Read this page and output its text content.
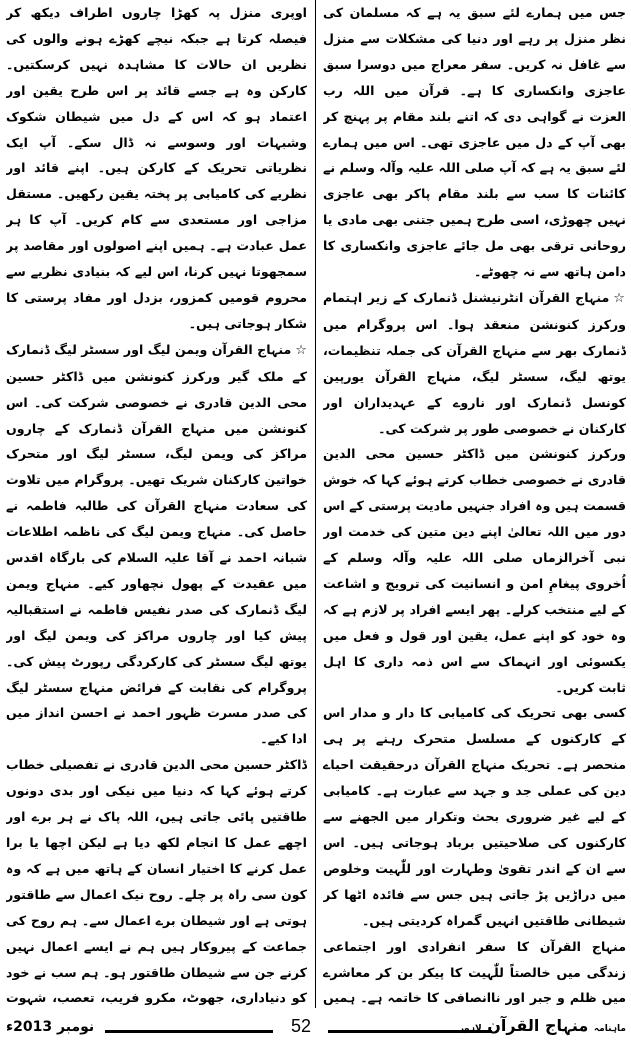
جس میں ہمارے لئے سبق یہ ہے کہ مسلمان کی نظر منزل پر رہے اور دنیا کی مشکلات سے منزل سے غافل نہ کریں۔ سفر معراج میں دوسرا سبق عاجزی وانکساری کا ہے۔ قرآن میں اللہ رب العزت نے گواہی دی کہ اتنے بلند مقام پر پہنچ کر بھی آپ کے دل میں عاجزی تھی۔ اس میں ہمارے لئے سبق یہ ہے کہ آپ صلی اللہ علیہ وآلہ وسلم نے کائنات کا سب سے بلند مقام پاکر بھی عاجزی نہیں چھوڑی، اسی طرح ہمیں جتنی بھی مادی یا روحانی ترقی بھی مل جائے عاجزی وانکساری کا دامن ہاتھ سے نہ چھوٹے۔

☆منہاج القرآن انٹرنیشنل ڈنمارک کے زیر اہتمام ورکرز کنونشن منعقد ہوا۔ اس پروگرام میں ڈنمارک بھر سے منہاج القرآن کی جملہ تنظیمات، یوتھ لیگ، سسٹر لیگ، منہاج القرآن یورپین کونسل ڈنمارک اور ناروے کے عہدیداران اور کارکنان نے خصوصی طور پر شرکت کی۔

ورکرز کنونشن میں ڈاکٹر حسین محی الدین قادری نے خصوصی خطاب کرتے ہوئے کہا کہ خوش قسمت ہیں وہ افراد جنہیں مادیت پرستی کے اس دور میں اللہ تعالیٰ اپنے دین متین کی خدمت اور نبی آخرالزماں صلی اللہ علیہ وآلہ وسلم کے اُخروی پیغامِ امن و انسانیت کی ترویج و اشاعت کے لیے منتخب کرلے۔ پھر ایسے افراد پر لازم ہے کہ وہ خود کو اپنے عمل، یقین اور قول و فعل میں یکسوئی اور انہماک سے اس ذمہ داری کا اہل ثابت کریں۔

کسی بھی تحریک کی کامیابی کا دار و مدار اس کے کارکنوں کے مسلسل متحرک رہنے پر ہی منحصر ہے۔ تحریک منہاج القرآن درحقیقت احیاے دین کی عملی جد و جہد سے عبارت ہے۔ کامیابی کے لیے غیر ضروری بحث وتکرار میں الجھنے سے کارکنوں کی صلاحیتیں برباد ہوجاتی ہیں۔ اس سے ان کے اندر تقویٰ وطہارت اور للّٰہیت وخلوص میں دراڑیں پڑ جاتی ہیں جس سے فائدہ اٹھا کر شیطانی طاقتیں انہیں گمراہ کردیتی ہیں۔

منہاج القرآن کا سفر انفرادی اور اجتماعی زندگی میں خالصتاً للّٰہیت کا پیکر بن کر معاشرے میں ظلم و جبر اور ناانصافی کا خاتمہ ہے۔ ہمیں

اوپری منزل پہ کھڑا چاروں اطراف دیکھ کر فیصلہ کرتا ہے جبکہ نیچے کھڑے ہونے والوں کی نظریں ان حالات کا مشاہدہ نہیں کرسکتیں۔ کارکن وہ ہے جسے قائد پر اس طرح یقین اور اعتماد ہو کہ اس کے دل میں شیطان شکوک وشبہات اور وسوسے نہ ڈال سکے۔ آپ ایک نظریاتی تحریک کے کارکن ہیں۔ اپنے قائد اور نظریے کی کامیابی پر پختہ یقین رکھیں۔ مستقل مزاجی اور مستعدی سے کام کریں۔ آپ کا ہر عمل عبادت ہے۔ ہمیں اپنے اصولوں اور مقاصد پر سمجھوتا نہیں کرنا، اس لیے کہ بنیادی نظریے سے محروم قومیں کمزور، بزدل اور مفاد پرستی کا شکار ہوجاتی ہیں۔

☆منہاج القرآن ویمن لیگ اور سسٹر لیگ ڈنمارک کے ملک گیر ورکرز کنونشن میں ڈاکٹر حسین محی الدین قادری نے خصوصی شرکت کی۔ اس کنونشن میں منہاج القرآن ڈنمارک کے چاروں مراکز کی ویمن لیگ، سسٹر لیگ اور متحرک خواتین کارکنان شریک تھیں۔ پروگرام میں تلاوت کی سعادت منہاج القرآن کی طالبہ فاطمہ نے حاصل کی۔ منہاج ویمن لیگ کی ناظمہ اطلاعات شبانہ احمد نے آقا علیہ السلام کی بارگاہ اقدس میں عقیدت کے پھول نچھاور کیے۔ منہاج ویمن لیگ ڈنمارک کی صدر نفیس فاطمہ نے استقبالیہ پیش کیا اور چاروں مراکز کی ویمن لیگ اور یوتھ لیگ سسٹر کی کارکردگی رپورٹ پیش کی۔ پروگرام کی نقابت کے فرائض منہاج سسٹر لیگ کی صدر مسرت ظہور احمد نے احسن انداز میں ادا کیے۔

ڈاکٹر حسین محی الدین قادری نے تفصیلی خطاب کرتے ہوئے کہا کہ دنیا میں نیکی اور بدی دونوں طاقتیں پائی جاتی ہیں، اللہ پاک نے ہر برے اور اچھے عمل کا انجام لکھ دیا ہے لیکن اچھا یا برا عمل کرنے کا اختیار انسان کے ہاتھ میں ہے کہ وہ کون سی راہ پر چلے۔ روح نیک اعمال سے طاقتور ہوتی ہے اور شیطان برے اعمال سے۔ ہم روح کی جماعت کے پیروکار ہیں ہم نے ایسے اعمال نہیں کرنے جن سے شیطان طاقتور ہو۔ ہم سب نے خود کو دنیاداری، جھوٹ، مکرو فریب، تعصب، شہوت

نومبر 2013ء	52	ماہنامہ منہاج القرآن لاہور
